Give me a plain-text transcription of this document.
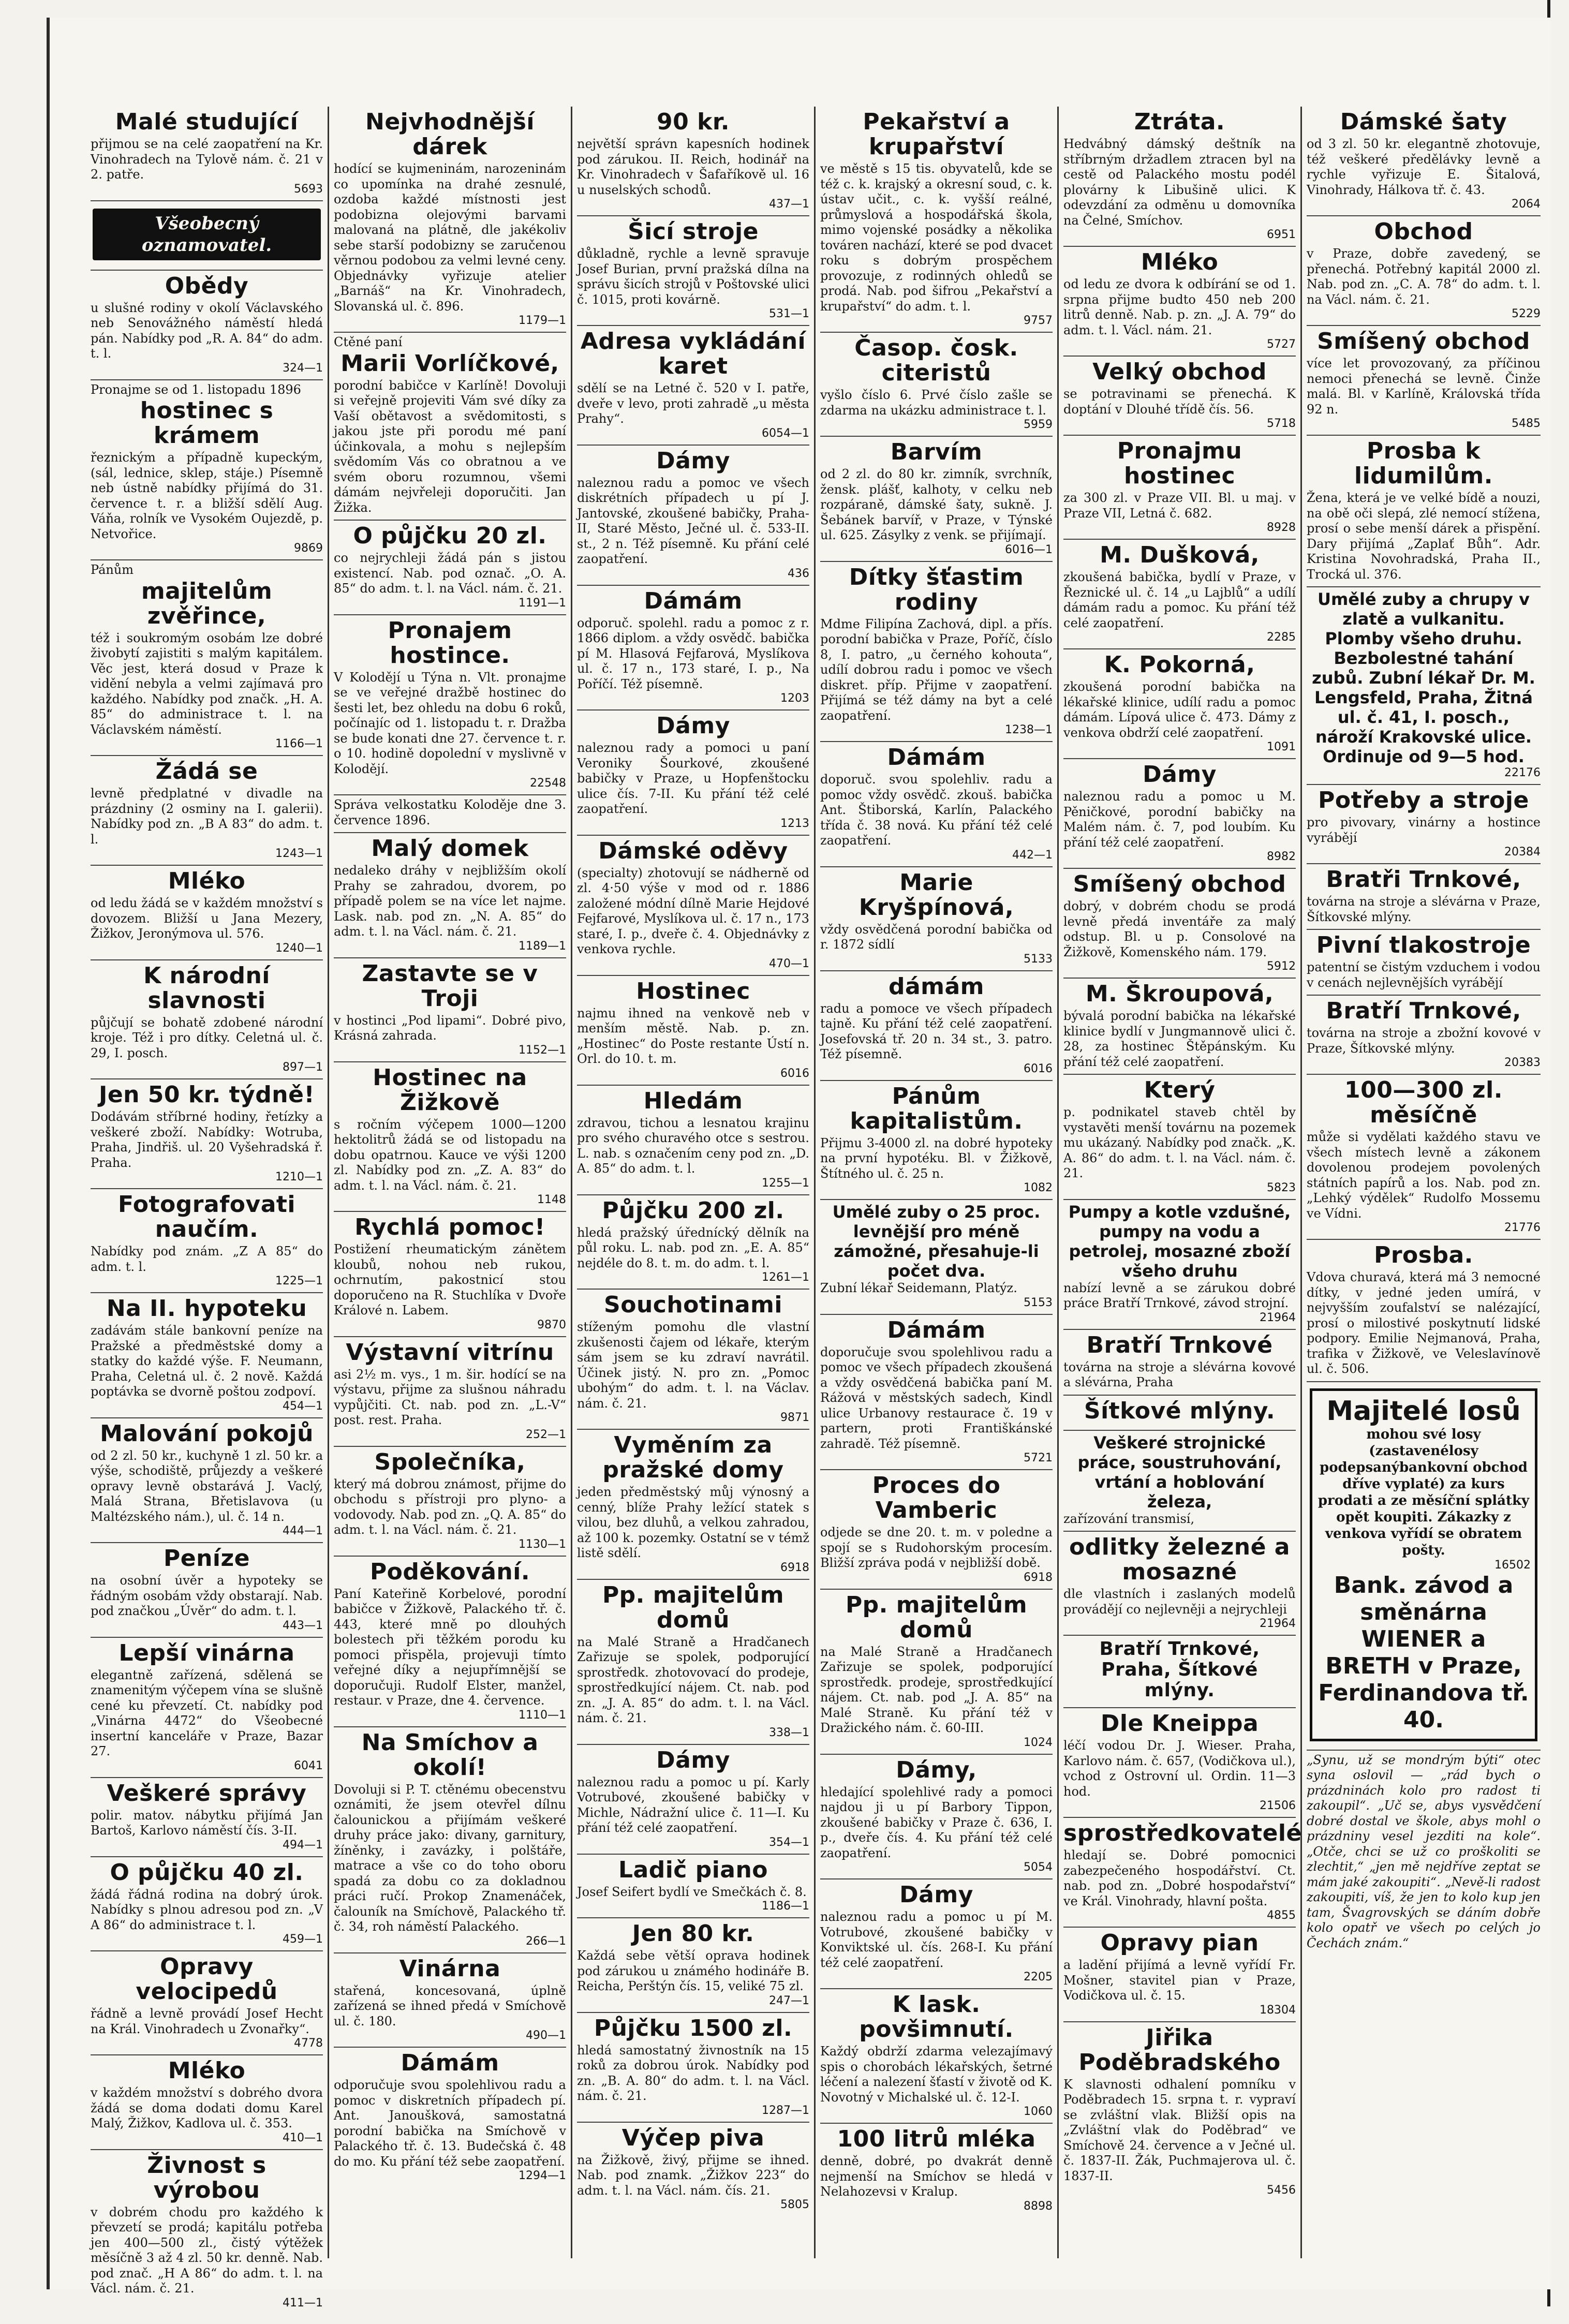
Malé studující

přijmou se na celé zaopatření na Kr. Vinohradech na Tylově nám. č. 21 v 2. patře.

5693

Všeobecný oznamovatel.
Obědy

u slušné rodiny v okolí Václavského neb Senovážného náměstí hledá pán. Nabídky pod „R. A. 84“ do adm. t. l.

324—1

Pronajme se od 1. listopadu 1896

hostinec s krámem

řeznickým a případně kupeckým, (sál, lednice, sklep, stáje.) Písemně neb ústně nabídky přijímá do 31. července t. r. a bližší sdělí Aug. Váňa, rolník ve Vysokém Oujezdě, p. Netvořice.

9869

Pánům

majitelům zvěřince,

též i soukromým osobám lze dobré živobytí zajistiti s malým kapitálem. Věc jest, která dosud v Praze k vidění nebyla a velmi zajímavá pro každého. Nabídky pod značk. „H. A. 85“ do administrace t. l. na Václavském náměstí.

1166—1

Žádá se

levně předplatné v divadle na prázdniny (2 osminy na I. galerii). Nabídky pod zn. „B A 83“ do adm. t. l.

1243—1

Mléko

od ledu žádá se v každém množství s dovozem. Bližší u Jana Mezery, Žižkov, Jeronýmova ul. 576.

1240—1

K národní slavnosti

půjčují se bohatě zdobené národní kroje. Též i pro dítky. Celetná ul. č. 29, I. posch.

897—1

Jen 50 kr. týdně!

Dodávám stříbrné hodiny, řetízky a veškeré zboží. Nabídky: Wotruba, Praha, Jindřiš. ul. 20 Vyšehradská ř. Praha.

1210—1

Fotografovati naučím.

Nabídky pod znám. „Z A 85“ do adm. t. l.

1225—1

Na II. hypoteku

zadávám stále bankovní peníze na Pražské a předměstské domy a statky do každé výše. F. Neumann, Praha, Celetná ul. č. 2 nově. Každá poptávka se dvorně poštou zodpoví.

454—1

Malování pokojů

od 2 zl. 50 kr., kuchyně 1 zl. 50 kr. a výše, schodiště, průjezdy a veškeré opravy levně obstarává J. Vaclý, Malá Strana, Břetislavova (u Maltézského nám.), ul. č. 14 n.

444—1

Peníze

na osobní úvěr a hypoteky se řádným osobám vždy obstarají. Nab. pod značkou „Úvěr“ do adm. t. l.

443—1

Lepší vinárna

elegantně zařízená, sdělená se znamenitým výčepem vína se slušně cené ku převzetí. Ct. nabídky pod „Vinárna 4472“ do Všeobecné insertní kanceláře v Praze, Bazar 27.

6041

Veškeré správy

polir. matov. nábytku přijímá Jan Bartoš, Karlovo náměstí čís. 3-II.

494—1

O půjčku 40 zl.

žádá řádná rodina na dobrý úrok. Nabídky s plnou adresou pod zn. „V A 86“ do administrace t. l.

459—1

Opravy velocipedů

řádně a levně provádí Josef Hecht na Král. Vinohradech u Zvonařky“.

4778

Mléko

v každém množství s dobrého dvora žádá se doma dodati domu Karel Malý, Žižkov, Kadlova ul. č. 353.

410—1

Živnost s výrobou

v dobrém chodu pro každého k převzetí se prodá; kapitálu potřeba jen 400—500 zl., čistý výtěžek měsíčně 3 až 4 zl. 50 kr. denně. Nab. pod znač. „H A 86“ do adm. t. l. na Václ. nám. č. 21.

411—1

Nejvhodnější dárek

hodící se kujmeninám, narozeninám co upomínka na drahé zesnulé, ozdoba každé místnosti jest podobizna olejovými barvami malovaná na plátně, dle jakékoliv sebe starší podobizny se zaručenou věrnou podobou za velmi levné ceny. Objednávky vyřizuje atelier „Barnáš“ na Kr. Vinohradech, Slovanská ul. č. 896.

1179—1

Ctěné paní

Marii Vorlíčkové,

porodní babičce v Karlíně! Dovoluji si veřejně projeviti Vám své díky za Vaší obětavost a svědomitosti, s jakou jste při porodu mé paní účinkovala, a mohu s nejlepším svědomím Vás co obratnou a ve svém oboru rozumnou, všemi dámám nejvřeleji doporučiti. Jan Žižka.

O půjčku 20 zl.

co nejrychleji žádá pán s jistou existencí. Nab. pod označ. „O. A. 85“ do adm. t. l. na Václ. nám. č. 21.

1191—1

Pronajem hostince.

V Kolodějí u Týna n. Vlt. pronajme se ve veřejné dražbě hostinec do šesti let, bez ohledu na dobu 6 roků, počínajíc od 1. listopadu t. r. Dražba se bude konati dne 27. července t. r. o 10. hodině dopolední v myslivně v Kolodějí.

22548

Správa velkostatku Koloděje dne 3. července 1896.

Malý domek

nedaleko dráhy v nejbližším okolí Prahy se zahradou, dvorem, po případě polem se na více let najme. Lask. nab. pod zn. „N. A. 85“ do adm. t. l. na Václ. nám. č. 21.

1189—1

Zastavte se v Troji

v hostinci „Pod lipami“. Dobré pivo, Krásná zahrada.

1152—1

Hostinec na Žižkově

s ročním výčepem 1000—1200 hektolitrů žádá se od listopadu na dobu opatrnou. Kauce ve výši 1200 zl. Nabídky pod zn. „Z. A. 83“ do adm. t. l. na Václ. nám. č. 21.

1148

Rychlá pomoc!

Postižení rheumatickým zánětem kloubů, nohou neb rukou, ochrnutím, pakostnicí stou doporučeno na R. Stuchlíka v Dvoře Králové n. Labem.

9870

Výstavní vitrínu

asi 2½ m. vys., 1 m. šir. hodící se na výstavu, přijme za slušnou náhradu vypůjčiti. Ct. nab. pod zn. „L.-V“ post. rest. Praha.

252—1

Společníka,

který má dobrou známost, přijme do obchodu s přístroji pro plyno- a vodovody. Nab. pod zn. „Q. A. 85“ do adm. t. l. na Václ. nám. č. 21.

1130—1

Poděkování.

Paní Kateřině Korbelové, porodní babičce v Žižkově, Palackého tř. č. 443, které mně po dlouhých bolestech při těžkém porodu ku pomoci přispěla, projevuji tímto veřejné díky a nejupřímnější se doporučuji. Rudolf Elster, manžel, restaur. v Praze, dne 4. července.

1110—1

Na Smíchov a okolí!

Dovoluji si P. T. ctěnému obecenstvu oznámiti, že jsem otevřel dílnu čalounickou a přijímám veškeré druhy práce jako: divany, garnitury, žíněnky, i zavázky, i polštáře, matrace a vše co do toho oboru spadá za dobu co za dokladnou práci ručí. Prokop Znamenáček, čalouník na Smíchově, Palackého tř. č. 34, roh náměstí Palackého.

266—1

Vinárna

stařená, koncesovaná, úplně zařízená se ihned předá v Smíchově ul. č. 180.

490—1

Dámám

odporučuje svou spolehlivou radu a pomoc v diskretních případech pí. Ant. Janoušková, samostatná porodní babička na Smíchově v Palackého tř. č. 13. Budečská č. 48 do mo. Ku přání též sebe zaopatření.

1294—1

90 kr.

největší správn kapesních hodinek pod zárukou. II. Reich, hodinář na Kr. Vinohradech v Šafaříkově ul. 16 u nuselských schodů.

437—1

Šicí stroje

důkladně, rychle a levně spravuje Josef Burian, první pražská dílna na správu šicích strojů v Poštovské ulici č. 1015, proti kovárně.

531—1

Adresa vykládání karet

sdělí se na Letné č. 520 v I. patře, dveře v levo, proti zahradě „u města Prahy“.

6054—1

Dámy

naleznou radu a pomoc ve všech diskrétních případech u pí J. Jantovské, zkoušené babičky, Praha-II, Staré Město, Ječné ul. č. 533-II. st., 2 n. Též písemně. Ku přání celé zaopatření.

436

Dámám

odporuč. spolehl. radu a pomoc z r. 1866 diplom. a vždy osvědč. babička pí M. Hlasová Fejfarová, Myslíkova ul. č. 17 n., 173 staré, I. p., Na Poříčí. Též písemně.

1203

Dámy

naleznou rady a pomoci u paní Veroniky Šourkové, zkoušené babičky v Praze, u Hopfenštocku ulice čís. 7-II. Ku přání též celé zaopatření.

1213

Dámské oděvy

(specialty) zhotovují se nádherně od zl. 4·50 výše v mod od r. 1886 založené módní dílně Marie Hejdové Fejfarové, Myslíkova ul. č. 17 n., 173 staré, I. p., dveře č. 4. Objednávky z venkova rychle.

470—1

Hostinec

najmu ihned na venkově neb v menším městě. Nab. p. zn. „Hostinec“ do Poste restante Ústí n. Orl. do 10. t. m.

6016

Hledám

zdravou, tichou a lesnatou krajinu pro svého churavého otce s sestrou. L. nab. s označením ceny pod zn. „D. A. 85“ do adm. t. l.

1255—1

Půjčku 200 zl.

hledá pražský úřednícký dělník na půl roku. L. nab. pod zn. „E. A. 85“ nejdéle do 8. t. m. do adm. t. l.

1261—1

Souchotinami

stíženým pomohu dle vlastní zkušenosti čajem od lékaře, kterým sám jsem se ku zdraví navrátil. Účinek jistý. N. pro zn. „Pomoc ubohým“ do adm. t. l. na Václav. nám. č. 21.

9871

Vyměním za pražské domy

jeden předměstský můj výnosný a cenný, blíže Prahy ležící statek s vilou, bez dluhů, a velkou zahradou, až 100 k. pozemky. Ostatní se v témž listě sdělí.

6918

Pp. majitelům domů

na Malé Straně a Hradčanech Zařizuje se spolek, podporující sprostředk. zhotovovací do prodeje, sprostředkující nájem. Ct. nab. pod zn. „J. A. 85“ do adm. t. l. na Václ. nám. č. 21.

338—1

Dámy

naleznou radu a pomoc u pí. Karly Votrubové, zkoušené babičky v Michle, Nádražní ulice č. 11—I. Ku přání též celé zaopatření.

354—1

Ladič piano

Josef Seifert bydlí ve Smečkách č. 8.

1186—1

Jen 80 kr.

Každá sebe větší oprava hodinek pod zárukou u známého hodináře B. Reicha, Perštýn čís. 15, veliké 75 zl.

247—1

Půjčku 1500 zl.

hledá samostatný živnostník na 15 roků za dobrou úrok. Nabídky pod zn. „B. A. 80“ do adm. t. l. na Václ. nám. č. 21.

1287—1

Výčep piva

na Žižkově, živý, přijme se ihned. Nab. pod znamk. „Žižkov 223“ do adm. t. l. na Václ. nám. čís. 21.

5805

Pekařství a krupařství

ve městě s 15 tis. obyvatelů, kde se též c. k. krajský a okresní soud, c. k. ústav učit., c. k. vyšší reálné, průmyslová a hospodářská škola, mimo vojenské posádky a několika továren nachází, které se pod dvacet roku s dobrým prospěchem provozuje, z rodinných ohledů se prodá. Nab. pod šifrou „Pekařství a krupařství“ do adm. t. l.

9757

Časop. čosk. citeristů

vyšlo číslo 6. Prvé číslo zašle se zdarma na ukázku administrace t. l.

5959

Barvím

od 2 zl. do 80 kr. zimník, svrchník, žensk. plášť, kalhoty, v celku neb rozpáraně, dámské šaty, sukně. J. Šebánek barvíř, v Praze, v Týnské ul. 625. Zásylky z venk. se přijímají.

6016—1

Dítky šťastim rodiny

Mdme Filipína Zachová, dipl. a přís. porodní babička v Praze, Poříč, číslo 8, I. patro, „u černého kohouta“, udílí dobrou radu i pomoc ve všech diskret. příp. Přijme v zaopatření. Přijímá se též dámy na byt a celé zaopatření.

1238—1

Dámám

doporuč. svou spolehliv. radu a pomoc vždy osvědč. zkouš. babička Ant. Štiborská, Karlín, Palackého třída č. 38 nová. Ku přání též celé zaopatření.

442—1

Marie Kryšpínová,

vždy osvědčená porodní babička od r. 1872 sídlí

5133

dámám

radu a pomoce ve všech případech tajně. Ku přání též celé zaopatření. Josefovská tř. 20 n. 34 st., 3. patro. Též písemně.

6016

Pánům kapitalistům.

Přijmu 3-4000 zl. na dobré hypoteky na první hypotéku. Bl. v Žižkově, Štítného ul. č. 25 n.

1082

Umělé zuby o 25 proc. levnější pro méně zámožné, přesahuje-li počet dva.

Zubní lékař Seidemann, Platýz.

5153

Dámám

doporučuje svou spolehlivou radu a pomoc ve všech případech zkoušená a vždy osvědčená babička paní M. Rážová v městských sadech, Kindl ulice Urbanovy restaurace č. 19 v partern, proti Františkánské zahradě. Též písemně.

5721

Proces do Vamberic

odjede se dne 20. t. m. v poledne a spojí se s Rudohorským procesím. Bližší zpráva podá v nejbližší době.

6918

Pp. majitelům domů

na Malé Straně a Hradčanech Zařizuje se spolek, podporující sprostředk. prodeje, sprostředkující nájem. Ct. nab. pod „J. A. 85“ na Malé Straně. Ku přání též v Dražického nám. č. 60-III.

1024

Dámy,

hledající spolehlivé rady a pomoci najdou ji u pí Barbory Tippon, zkoušené babičky v Praze č. 636, I. p., dveře čís. 4. Ku přání též celé zaopatření.

5054

Dámy

naleznou radu a pomoc u pí M. Votrubové, zkoušené babičky v Konviktské ul. čís. 268-I. Ku přání též celé zaopatření.

2205

K lask. povšimnutí.

Každý obdrží zdarma velezajímavý spis o chorobách lékařských, šetrné léčení a nalezení šťastí v životě od K. Novotný v Michalské ul. č. 12-I.

1060

100 litrů mléka

denně, dobré, po dvakrát denně nejmenší na Smíchov se hledá v Nelahozevsi v Kralup.

8898

Ztráta.

Hedvábný dámský deštník na stříbrným držadlem ztracen byl na cestě od Palackého mostu podél plovárny k Libušině ulici. K odevzdání za odměnu u domovníka na Čelné, Smíchov.

6951

Mléko

od ledu ze dvora k odbírání se od 1. srpna přijme budto 450 neb 200 litrů denně. Nab. p. zn. „J. A. 79“ do adm. t. l. Václ. nám. 21.

5727

Velký obchod

se potravinami se přenechá. K doptání v Dlouhé třídě čís. 56.

5718

Pronajmu hostinec

za 300 zl. v Praze VII. Bl. u maj. v Praze VII, Letná č. 682.

8928

M. Dušková,

zkoušená babička, bydlí v Praze, v Řeznické ul. č. 14 „u Lajblů“ a udílí dámám radu a pomoc. Ku přání též celé zaopatření.

2285

K. Pokorná,

zkoušená porodní babička na lékařské klinice, udílí radu a pomoc dámám. Lípová ulice č. 473. Dámy z venkova obdrží celé zaopatření.

1091

Dámy

naleznou radu a pomoc u M. Pěničkové, porodní babičky na Malém nám. č. 7, pod loubím. Ku přání též celé zaopatření.

8982

Smíšený obchod

dobrý, v dobrém chodu se prodá levně předá inventáře za malý odstup. Bl. u p. Consolové na Žižkově, Komenského nám. 179.

5912

M. Škroupová,

bývalá porodní babička na lékařské klinice bydlí v Jungmannově ulici č. 28, za hostinec Štěpánským. Ku přání též celé zaopatření.

Který

p. podnikatel staveb chtěl by vystavěti menší továrnu na pozemek mu ukázaný. Nabídky pod značk. „K. A. 86“ do adm. t. l. na Václ. nám. č. 21.

5823

Pumpy a kotle vzdušné, pumpy na vodu a petrolej, mosazné zboží všeho druhu

nabízí levně a se zárukou dobré práce Bratří Trnkové, závod strojní.

21964

Bratří Trnkové

továrna na stroje a slévárna kovové a slévárna, Praha

Šítkové mlýny.
Veškeré strojnické práce, soustruhování, vrtání a hoblování železa,

zařízování transmisí,

odlitky železné a mosazné

dle vlastních i zaslaných modelů provádějí co nejlevněji a nejrychleji

21964

Bratří Trnkové, Praha, Šítkové mlýny.
Dle Kneippa

léčí vodou Dr. J. Wieser. Praha, Karlovo nám. č. 657, (Vodičkova ul.), vchod z Ostrovní ul. Ordin. 11—3 hod.

21506

sprostředkovatelé

hledají se. Dobré pomocnici zabezpečeného hospodářství. Ct. nab. pod zn. „Dobré hospodařství“ ve Král. Vinohrady, hlavní pošta.

4855

Opravy pian

a ladění přijímá a levně vyřídí Fr. Mošner, stavitel pian v Praze, Vodičkova ul. č. 15.

18304

Jiřika Poděbradského

K slavnosti odhalení pomníku v Poděbradech 15. srpna t. r. vypraví se zvláštní vlak. Bližší opis na „Zvláštní vlak do Poděbrad“ ve Smíchově 24. července a v Ječné ul. č. 1837-II. Žák, Puchmajerova ul. č. 1837-II.

5456

Dámské šaty

od 3 zl. 50 kr. elegantně zhotovuje, též veškeré předělávky levně a rychle vyřizuje E. Šitalová, Vinohrady, Hálkova tř. č. 43.

2064

Obchod

v Praze, dobře zavedený, se přenechá. Potřebný kapitál 2000 zl. Nab. pod zn. „C. A. 78“ do adm. t. l. na Václ. nám. č. 21.

5229

Smíšený obchod

více let provozovaný, za příčinou nemoci přenechá se levně. Činže malá. Bl. v Karlíně, Královská třída 92 n.

5485

Prosba k lidumilům.

Žena, která je ve velké bídě a nouzi, na obě oči slepá, zlé nemocí stížena, prosí o sebe menší dárek a přispění. Dary přijímá „Zaplať Bůh“. Adr. Kristina Novohradská, Praha II., Trocká ul. 376.

Umělé zuby a chrupy v zlatě a vulkanitu. Plomby všeho druhu. Bezbolestné tahání zubů. Zubní lékař Dr. M. Lengsfeld, Praha, Žitná ul. č. 41, I. posch., nároží Krakovské ulice. Ordinuje od 9—5 hod.

22176

Potřeby a stroje

pro pivovary, vinárny a hostince vyrábějí

20384

Bratři Trnkové,

továrna na stroje a slévárna v Praze, Šítkovské mlýny.

Pivní tlakostroje

patentní se čistým vzduchem i vodou v cenách nejlevnějších vyrábějí

Bratří Trnkové,

továrna na stroje a zbožní kovové v Praze, Šítkovské mlýny.

20383

100—300 zl. měsíčně

může si vydělati každého stavu ve všech místech levně a zákonem dovolenou prodejem povolených státních papírů a los. Nab. pod zn. „Lehký výdělek“ Rudolfo Mossemu ve Vídni.

21776

Prosba.

Vdova churavá, která má 3 nemocné dítky, v jedné jeden umírá, v nejvyšším zoufalství se nalézající, prosí o milostivé poskytnutí lidské podpory. Emilie Nejmanová, Praha, trafika v Žižkově, ve Veleslavínově ul. č. 506.

Majitelé losů
mohou své losy (zastavenélosy podepsanýbankovní obchod dříve vyplaté) za kurs prodati a ze měsíční splátky opět koupiti. Zákazky z venkova vyřídí se obratem pošty.
16502
Bank. závod a směnárna WIENER a BRETH v Praze, Ferdinandova tř. 40.

„Synu, už se mondrým býti“ otec syna oslovil — „rád bych o prázdninách kolo pro radost ti zakoupil“. „Uč se, abys vysvědčení dobré dostal ve škole, abys mohl o prázdniny vesel jezditi na kole“. „Otče, chci se už co proškoliti se zlechtit,“ „jen mě nejdříve zeptat se mám jaké zakoupiti“. „Nevě-li radost zakoupiti, víš, že jen to kolo kup jen tam, Švagrovských se dáním dobře kolo opatř ve všech po celých jo Čechách znám.“
